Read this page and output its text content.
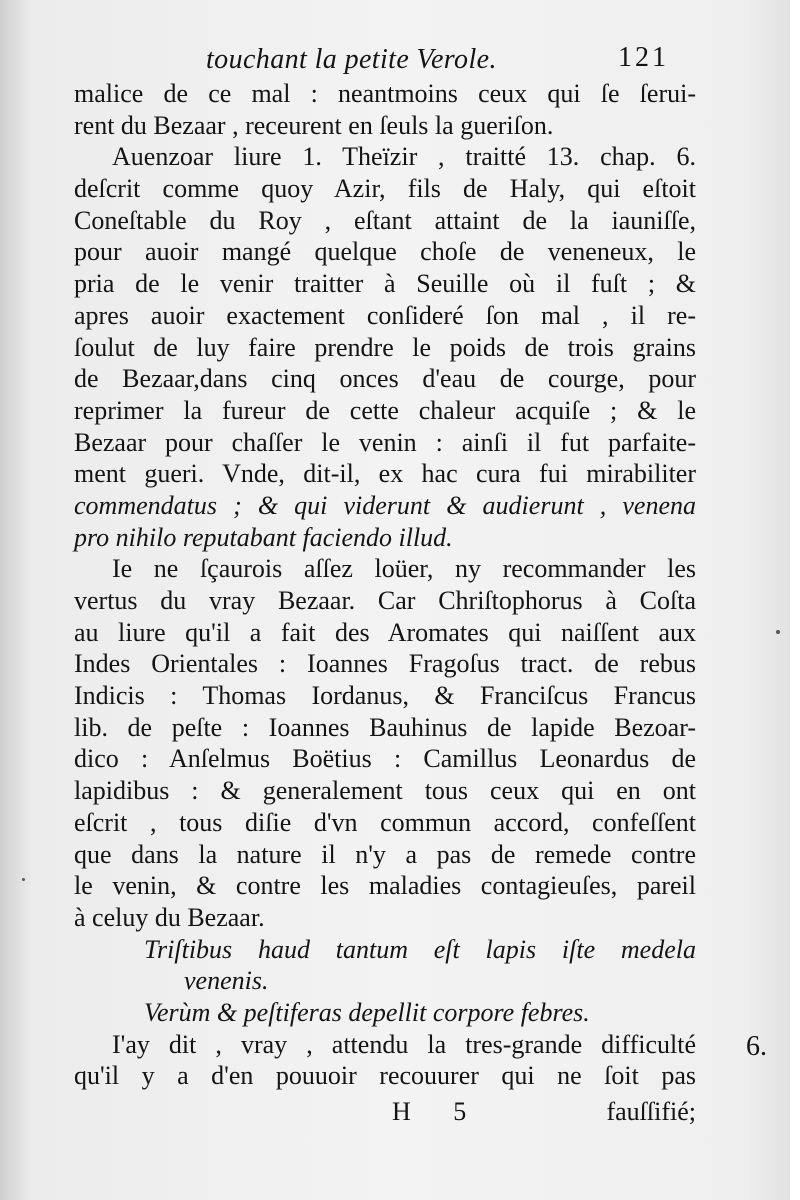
touchant la petite Verole.	121
malice de ce mal : neantmoins ceux qui ſe ſerui-
rent du Bezaar , receurent en ſeuls la gueriſon.
Auenzoar liure 1. Theïzir , traitté 13. chap. 6.
deſcrit comme quoy Azir, fils de Haly, qui eſtoit
Coneſtable du Roy , eſtant attaint de la iauniſſe,
pour auoir mangé quelque choſe de veneneux, le
pria de le venir traitter à Seuille où il fuſt ; &
apres auoir exactement conſideré ſon mal , il re-
ſoulut de luy faire prendre le poids de trois grains
de Bezaar,dans cinq onces d'eau de courge, pour
reprimer la fureur de cette chaleur acquiſe ; & le
Bezaar pour chaſſer le venin : ainſi il fut parfaite-
ment gueri. Vnde, dit-il, ex hac cura fui mirabiliter
commendatus ; & qui viderunt & audierunt , venena
pro nihilo reputabant faciendo illud.
Ie ne ſçaurois aſſez loüer, ny recommander les
vertus du vray Bezaar. Car Chriſtophorus à Coſta
au liure qu'il a fait des Aromates qui naiſſent aux
Indes Orientales : Ioannes Fragoſus tract. de rebus
Indicis : Thomas Iordanus, & Franciſcus Francus
lib. de peſte : Ioannes Bauhinus de lapide Bezoar-
dico : Anſelmus Boëtius : Camillus Leonardus de
lapidibus : & generalement tous ceux qui en ont
eſcrit , tous diſie d'vn commun accord, confeſſent
que dans la nature il n'y a pas de remede contre
le venin, & contre les maladies contagieuſes, pareil
à celuy du Bezaar.
Triſtibus haud tantum eſt lapis iſte medela
venenis.
Verùm & peſtiferas depellit corpore febres.
I'ay dit , vray , attendu la tres-grande difficulté
qu'il y a d'en pouuoir recouurer qui ne ſoit pas
6.
H 5	fauſſifié;
